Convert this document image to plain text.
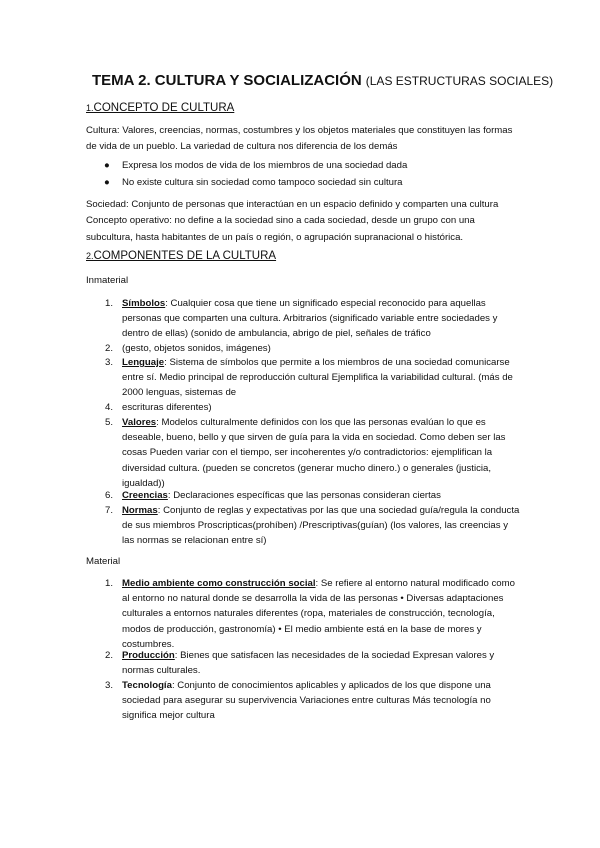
TEMA 2. CULTURA Y SOCIALIZACIÓN (LAS ESTRUCTURAS SOCIALES)
1.CONCEPTO DE CULTURA
Cultura: Valores, creencias, normas, costumbres y los objetos materiales que constituyen las formas de vida de un pueblo. La variedad de cultura nos diferencia de los demás
● Expresa los modos de vida de los miembros de una sociedad dada
● No existe cultura sin sociedad como tampoco sociedad sin cultura
Sociedad: Conjunto de personas que interactúan en un espacio definido y comparten una cultura Concepto operativo: no define a la sociedad sino a cada sociedad, desde un grupo con una subcultura, hasta habitantes de un país o región, o agrupación supranacional o histórica.
2.COMPONENTES DE LA CULTURA
Inmaterial
1. Símbolos: Cualquier cosa que tiene un significado especial reconocido para aquellas personas que comparten una cultura. Arbitrarios (significado variable entre sociedades y dentro de ellas) (sonido de ambulancia, abrigo de piel, señales de tráfico
2. (gesto, objetos sonidos, imágenes)
3. Lenguaje: Sistema de símbolos que permite a los miembros de una sociedad comunicarse entre sí. Medio principal de reproducción cultural Ejemplifica la variabilidad cultural. (más de 2000 lenguas, sistemas de
4. escrituras diferentes)
5. Valores: Modelos culturalmente definidos con los que las personas evalúan lo que es deseable, bueno, bello y que sirven de guía para la vida en sociedad. Como deben ser las cosas Pueden variar con el tiempo, ser incoherentes y/o contradictorios: ejemplifican la diversidad cultura. (pueden se concretos (generar mucho dinero.) o generales (justicia, igualdad))
6. Creencias: Declaraciones específicas que las personas consideran ciertas
7. Normas: Conjunto de reglas y expectativas por las que una sociedad guía/regula la conducta de sus miembros Proscripticas(prohíben) /Prescriptivas(guían) (los valores, las creencias y las normas se relacionan entre sí)
Material
1. Medio ambiente como construcción social: Se refiere al entorno natural modificado como al entorno no natural donde se desarrolla la vida de las personas • Diversas adaptaciones culturales a entornos naturales diferentes (ropa, materiales de construcción, tecnología, modos de producción, gastronomía) • El medio ambiente está en la base de mores y costumbres.
2. Producción: Bienes que satisfacen las necesidades de la sociedad Expresan valores y normas culturales.
3. Tecnología: Conjunto de conocimientos aplicables y aplicados de los que dispone una sociedad para asegurar su supervivencia Variaciones entre culturas Más tecnología no significa mejor cultura
